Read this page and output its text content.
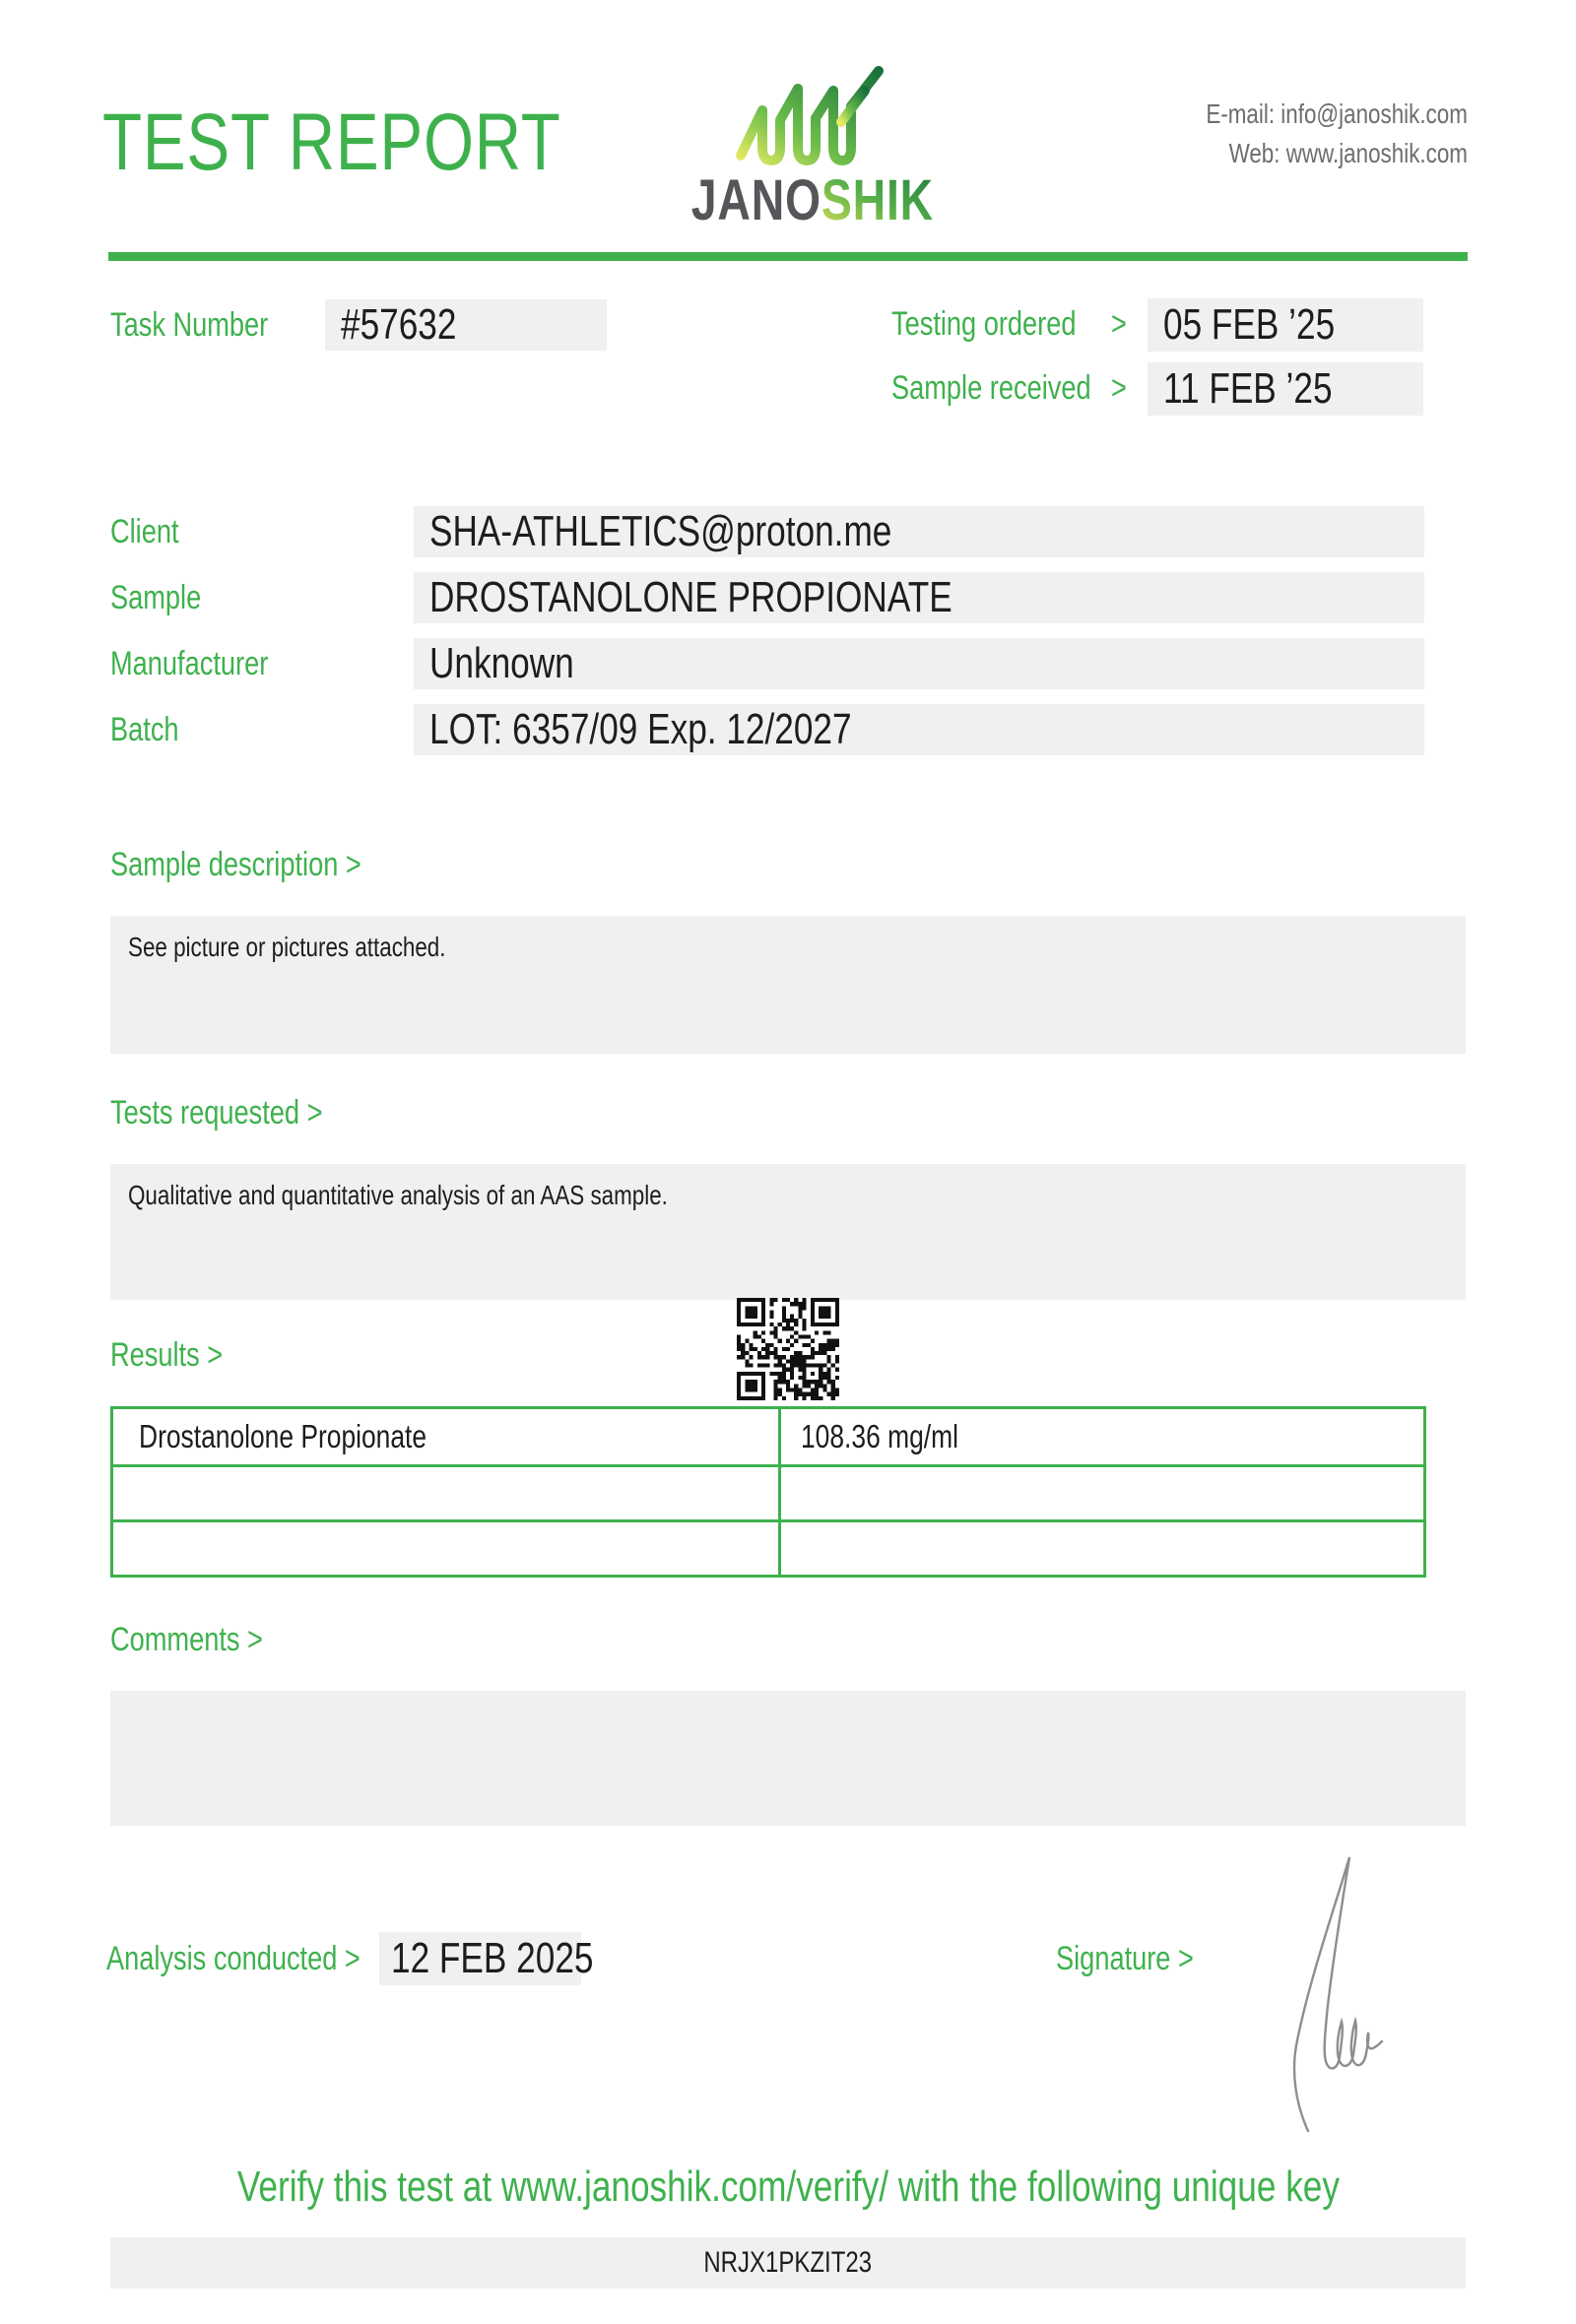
TEST REPORT
JANOSHIK
E-mail: info@janoshik.com
Web: www.janoshik.com
Task Number	#57632	Testing ordered	> 05 FEB ’25
Sample received > 11 FEB ’25
Client	SHA-ATHLETICS@proton.me
Sample	DROSTANOLONE PROPIONATE
Manufacturer	Unknown
Batch	LOT: 6357/09 Exp. 12/2027
Sample description >
See picture or pictures attached.
Tests requested >
Qualitative and quantitative analysis of an AAS sample.
Results >
Drostanolone Propionate	108.36 mg/ml
Comments >
Analysis conducted > 12 FEB 2025	Signature >
Verify this test at www.janoshik.com/verify/ with the following unique key
NRJX1PKZIT23
